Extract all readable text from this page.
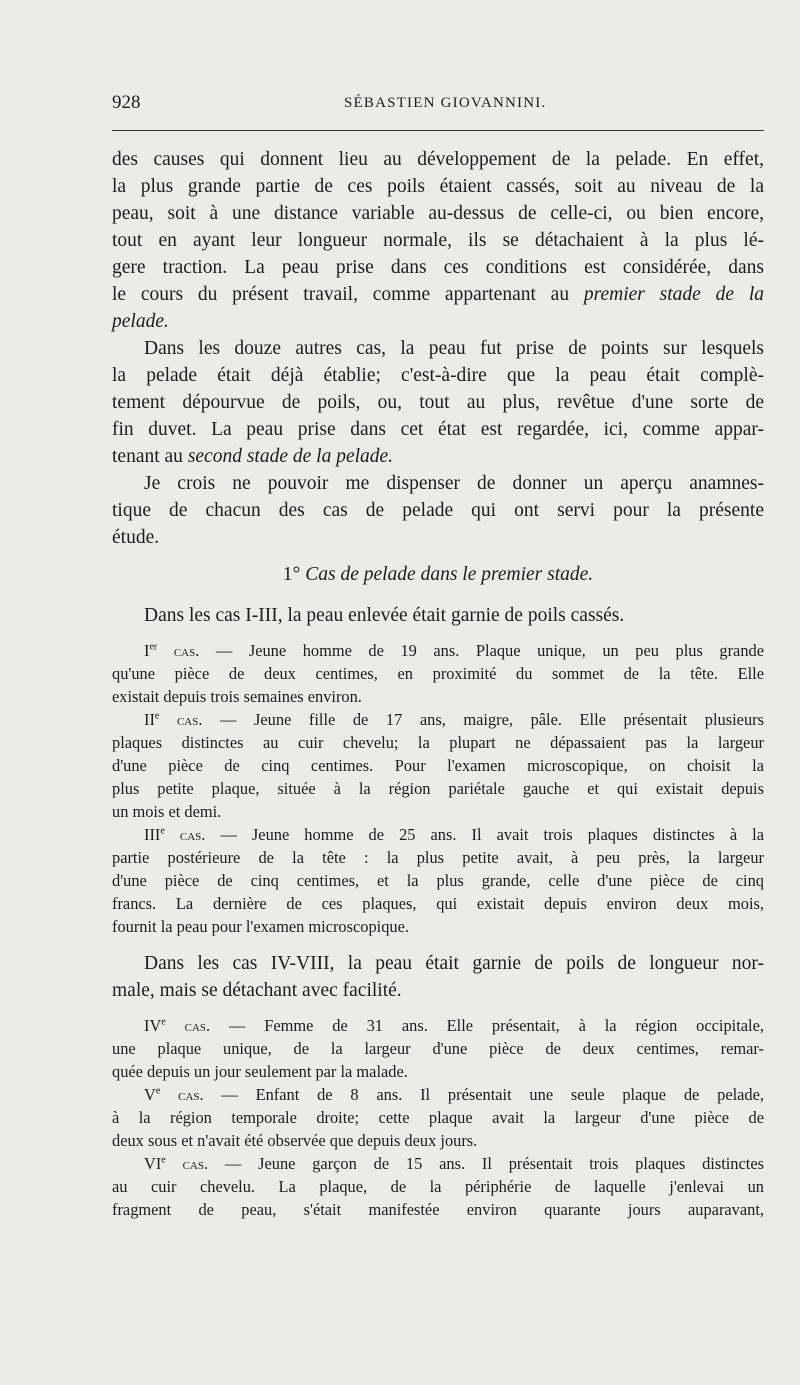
928	SÉBASTIEN GIOVANNINI.
des causes qui donnent lieu au développement de la pelade. En effet,
la plus grande partie de ces poils étaient cassés, soit au niveau de la
peau, soit à une distance variable au-dessus de celle-ci, ou bien encore,
tout en ayant leur longueur normale, ils se détachaient à la plus lé-
gere traction. La peau prise dans ces conditions est considérée, dans
le cours du présent travail, comme appartenant au premier stade de la
pelade.
Dans les douze autres cas, la peau fut prise de points sur lesquels
la pelade était déjà établie; c'est-à-dire que la peau était complè-
tement dépourvue de poils, ou, tout au plus, revêtue d'une sorte de
fin duvet. La peau prise dans cet état est regardée, ici, comme appar-
tenant au second stade de la pelade.
Je crois ne pouvoir me dispenser de donner un aperçu anamnes-
tique de chacun des cas de pelade qui ont servi pour la présente
étude.
1° Cas de pelade dans le premier stade.
Dans les cas I-III, la peau enlevée était garnie de poils cassés.
Ier cas. — Jeune homme de 19 ans. Plaque unique, un peu plus grande
qu'une pièce de deux centimes, en proximité du sommet de la tête. Elle
existait depuis trois semaines environ.
IIe cas. — Jeune fille de 17 ans, maigre, pâle. Elle présentait plusieurs
plaques distinctes au cuir chevelu; la plupart ne dépassaient pas la largeur
d'une pièce de cinq centimes. Pour l'examen microscopique, on choisit la
plus petite plaque, située à la région pariétale gauche et qui existait depuis
un mois et demi.
IIIe cas. — Jeune homme de 25 ans. Il avait trois plaques distinctes à la
partie postérieure de la tête : la plus petite avait, à peu près, la largeur
d'une pièce de cinq centimes, et la plus grande, celle d'une pièce de cinq
francs. La dernière de ces plaques, qui existait depuis environ deux mois,
fournit la peau pour l'examen microscopique.
Dans les cas IV-VIII, la peau était garnie de poils de longueur nor-
male, mais se détachant avec facilité.
IVe cas. — Femme de 31 ans. Elle présentait, à la région occipitale,
une plaque unique, de la largeur d'une pièce de deux centimes, remar-
quée depuis un jour seulement par la malade.
Ve cas. — Enfant de 8 ans. Il présentait une seule plaque de pelade,
à la région temporale droite; cette plaque avait la largeur d'une pièce de
deux sous et n'avait été observée que depuis deux jours.
VIe cas. — Jeune garçon de 15 ans. Il présentait trois plaques distinctes
au cuir chevelu. La plaque, de la périphérie de laquelle j'enlevai un
fragment de peau, s'était manifestée environ quarante jours auparavant,
